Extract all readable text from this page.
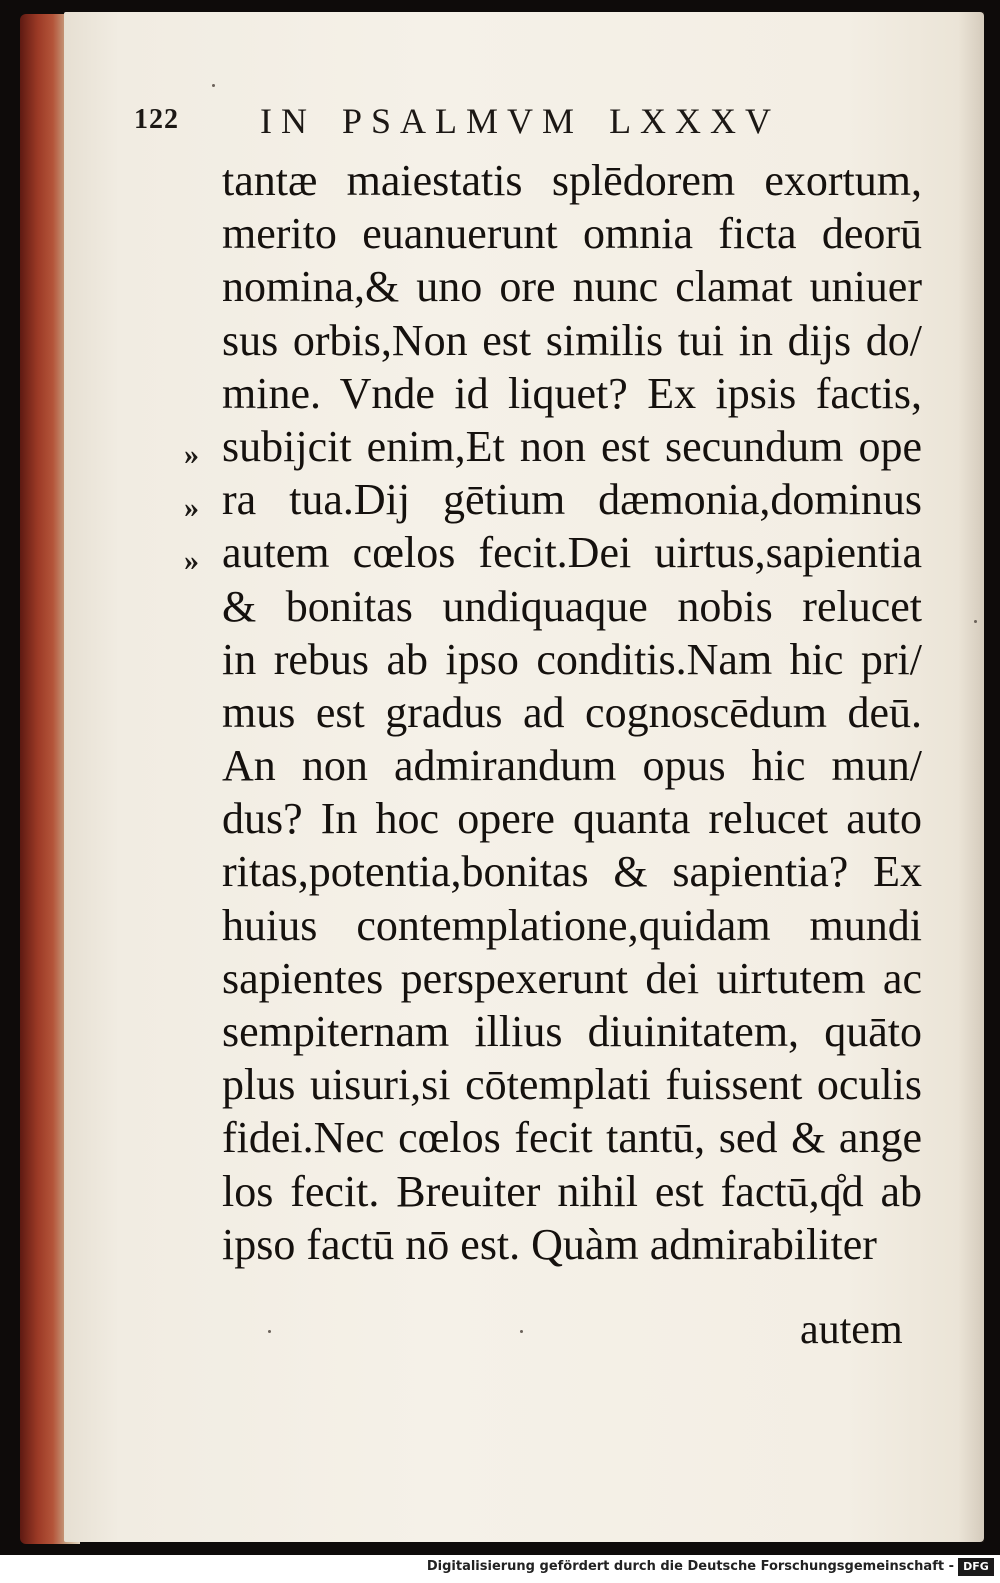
122 IN PSALMVM LXXXV
»
»
»
tantæ maiestatis splēdorem exortum,
merito euanuerunt omnia ficta deorū
nomina,& uno ore nunc clamat uniuer
sus orbis,Non est similis tui in dijs do/
mine. Vnde id liquet? Ex ipsis factis,
subijcit enim,Et non est secundum ope
ra tua.Dij gētium dæmonia,dominus
autem cœlos fecit.Dei uirtus,sapientia
& bonitas undiquaque nobis relucet
in rebus ab ipso conditis.Nam hic pri/
mus est gradus ad cognoscēdum deū.
An non admirandum opus hic mun/
dus? In hoc opere quanta relucet auto
ritas,potentia,bonitas & sapientia? Ex
huius contemplatione,quidam mundi
sapientes perspexerunt dei uirtutem ac
sempiternam illius diuinitatem, quāto
plus uisuri,si cōtemplati fuissent oculis
fidei.Nec cœlos fecit tantū, sed & ange
los fecit. Breuiter nihil est factū,q̊d ab
ipso factū nō est. Quàm admirabiliter
autem
Digitalisierung gefördert durch die Deutsche Forschungsgemeinschaft - DFG
